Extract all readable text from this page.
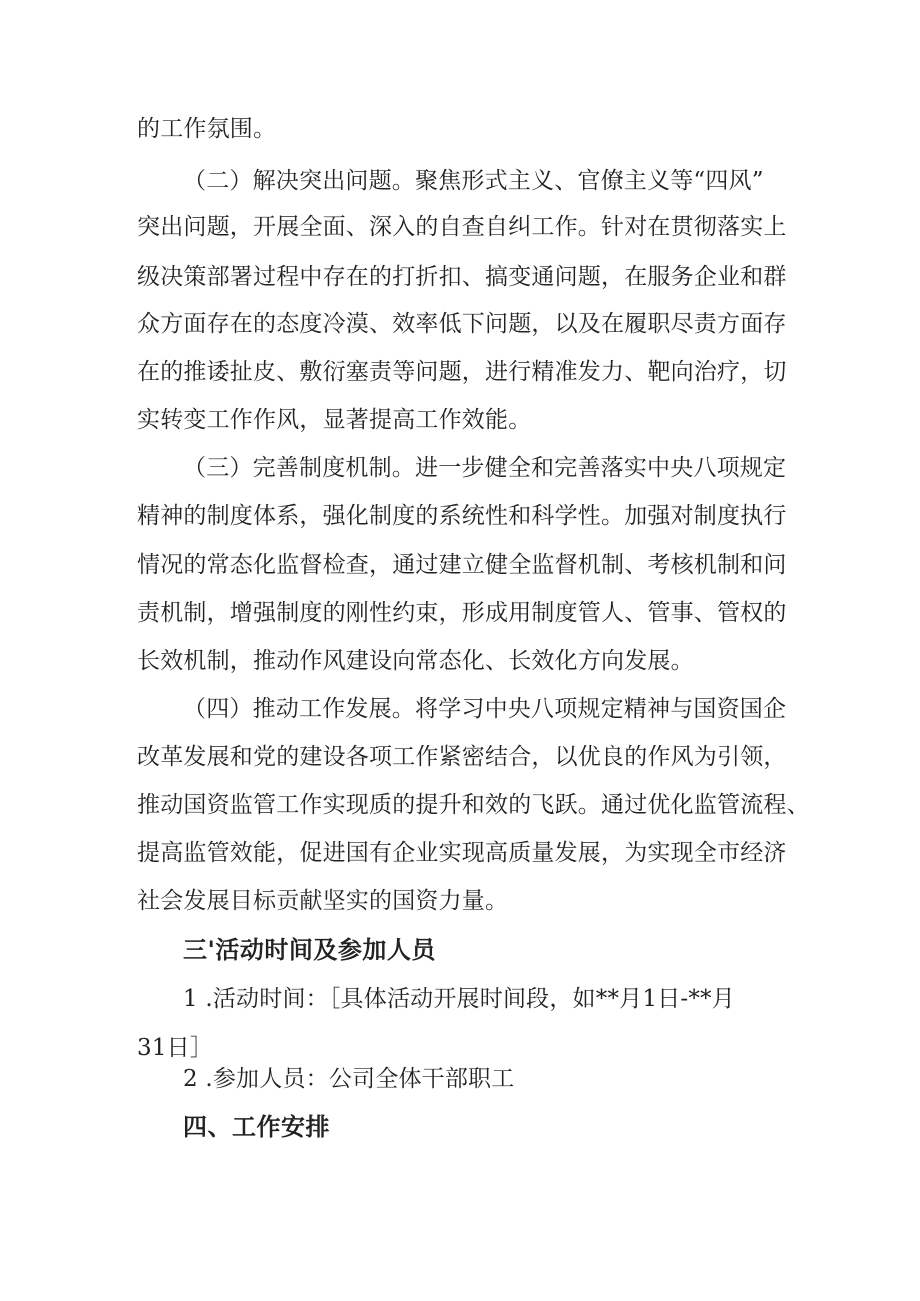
的工作氛围。
（二）解决突出问题。聚焦形式主义、官僚主义等“四风”
突出问题，开展全面、深入的自查自纠工作。针对在贯彻落实上
级决策部署过程中存在的打折扣、搞变通问题，在服务企业和群
众方面存在的态度冷漠、效率低下问题，以及在履职尽责方面存
在的推诿扯皮、敷衍塞责等问题，进行精准发力、靶向治疗，切
实转变工作作风，显著提高工作效能。
（三）完善制度机制。进一步健全和完善落实中央八项规定
精神的制度体系，强化制度的系统性和科学性。加强对制度执行
情况的常态化监督检查，通过建立健全监督机制、考核机制和问
责机制，增强制度的刚性约束，形成用制度管人、管事、管权的
长效机制，推动作风建设向常态化、长效化方向发展。
（四）推动工作发展。将学习中央八项规定精神与国资国企
改革发展和党的建设各项工作紧密结合，以优良的作风为引领，
推动国资监管工作实现质的提升和效的飞跃。通过优化监管流程、
提高监管效能，促进国有企业实现高质量发展，为实现全市经济
社会发展目标贡献坚实的国资力量。
三'活动时间及参加人员
1 .活动时间：［具体活动开展时间段，如**月1日-**月
31日］
2 .参加人员：公司全体干部职工
四、工作安排
